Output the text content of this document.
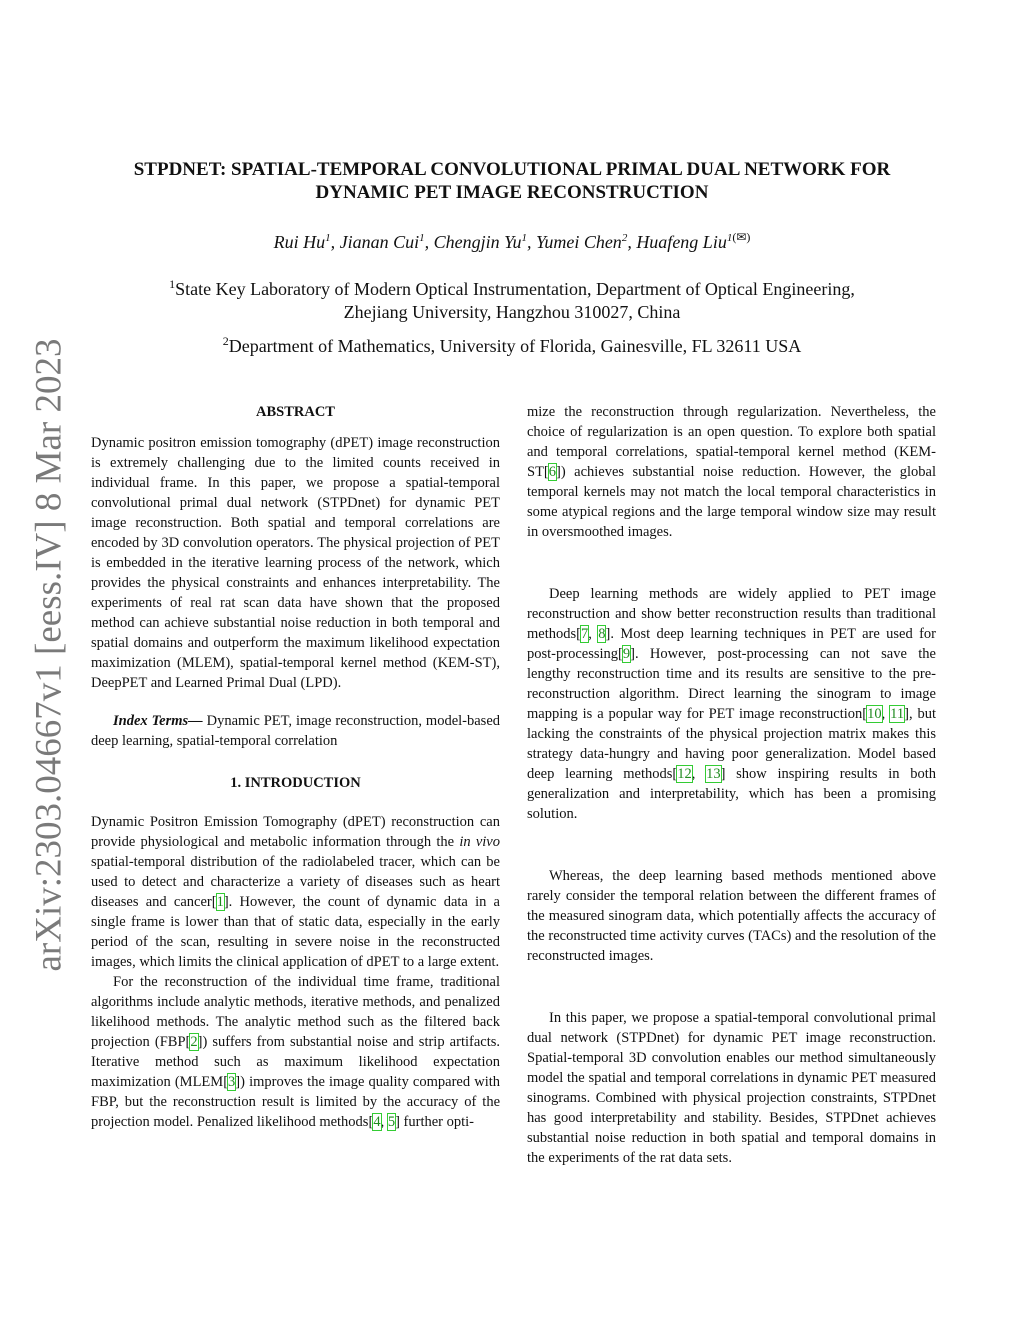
arXiv:2303.04667v1 [eess.IV] 8 Mar 2023
STPDNET: SPATIAL-TEMPORAL CONVOLUTIONAL PRIMAL DUAL NETWORK FOR
DYNAMIC PET IMAGE RECONSTRUCTION
Rui Hu$^1$, Jianan Cui$^1$, Chengjin Yu$^1$, Yumei Chen$^2$, Huafeng Liu$^{1(✉)}$
$^1$State Key Laboratory of Modern Optical Instrumentation, Department of Optical Engineering,
Zhejiang University, Hangzhou 310027, China
$^2$Department of Mathematics, University of Florida, Gainesville, FL 32611 USA
ABSTRACT

Dynamic positron emission tomography (dPET) image reconstruction is extremely challenging due to the limited counts received in individual frame. In this paper, we propose a spatial-temporal convolutional primal dual network (STPDnet) for dynamic PET image reconstruction. Both spatial and temporal correlations are encoded by 3D convolution operators. The physical projection of PET is embedded in the iterative learning process of the network, which provides the physical constraints and enhances interpretability. The experiments of real rat scan data have shown that the proposed method can achieve substantial noise reduction in both temporal and spatial domains and outperform the maximum likelihood expectation maximization (MLEM), spatial-temporal kernel method (KEM-ST), DeepPET and Learned Primal Dual (LPD).

Index Terms— Dynamic PET, image reconstruction, model-based deep learning, spatial-temporal correlation

1. INTRODUCTION

Dynamic Positron Emission Tomography (dPET) reconstruction can provide physiological and metabolic information through the in vivo spatial-temporal distribution of the radiolabeled tracer, which can be used to detect and characterize a variety of diseases such as heart diseases and cancer[1]. However, the count of dynamic data in a single frame is lower than that of static data, especially in the early period of the scan, resulting in severe noise in the reconstructed images, which limits the clinical application of dPET to a large extent.

For the reconstruction of the individual time frame, traditional algorithms include analytic methods, iterative methods, and penalized likelihood methods. The analytic method such as the filtered back projection (FBP[2]) suffers from substantial noise and strip artifacts. Iterative method such as maximum likelihood expectation maximization (MLEM[3]) improves the image quality compared with FBP, but the reconstruction result is limited by the accuracy of the projection model. Penalized likelihood methods[4, 5] further opti-

mize the reconstruction through regularization. Nevertheless, the choice of regularization is an open question. To explore both spatial and temporal correlations, spatial-temporal kernel method (KEM-ST[6]) achieves substantial noise reduction. However, the global temporal kernels may not match the local temporal characteristics in some atypical regions and the large temporal window size may result in oversmoothed images.

Deep learning methods are widely applied to PET image reconstruction and show better reconstruction results than traditional methods[7, 8]. Most deep learning techniques in PET are used for post-processing[9]. However, post-processing can not save the lengthy reconstruction time and its results are sensitive to the pre-reconstruction algorithm. Direct learning the sinogram to image mapping is a popular way for PET image reconstruction[10, 11], but lacking the constraints of the physical projection matrix makes this strategy data-hungry and having poor generalization. Model based deep learning methods[12, 13] show inspiring results in both generalization and interpretability, which has been a promising solution.

Whereas, the deep learning based methods mentioned above rarely consider the temporal relation between the different frames of the measured sinogram data, which potentially affects the accuracy of the reconstructed time activity curves (TACs) and the resolution of the reconstructed images.

In this paper, we propose a spatial-temporal convolutional primal dual network (STPDnet) for dynamic PET image reconstruction. Spatial-temporal 3D convolution enables our method simultaneously model the spatial and temporal correlations in dynamic PET measured sinograms. Combined with physical projection constraints, STPDnet has good interpretability and stability. Besides, STPDnet achieves substantial noise reduction in both spatial and temporal domains in the experiments of the rat data sets.
